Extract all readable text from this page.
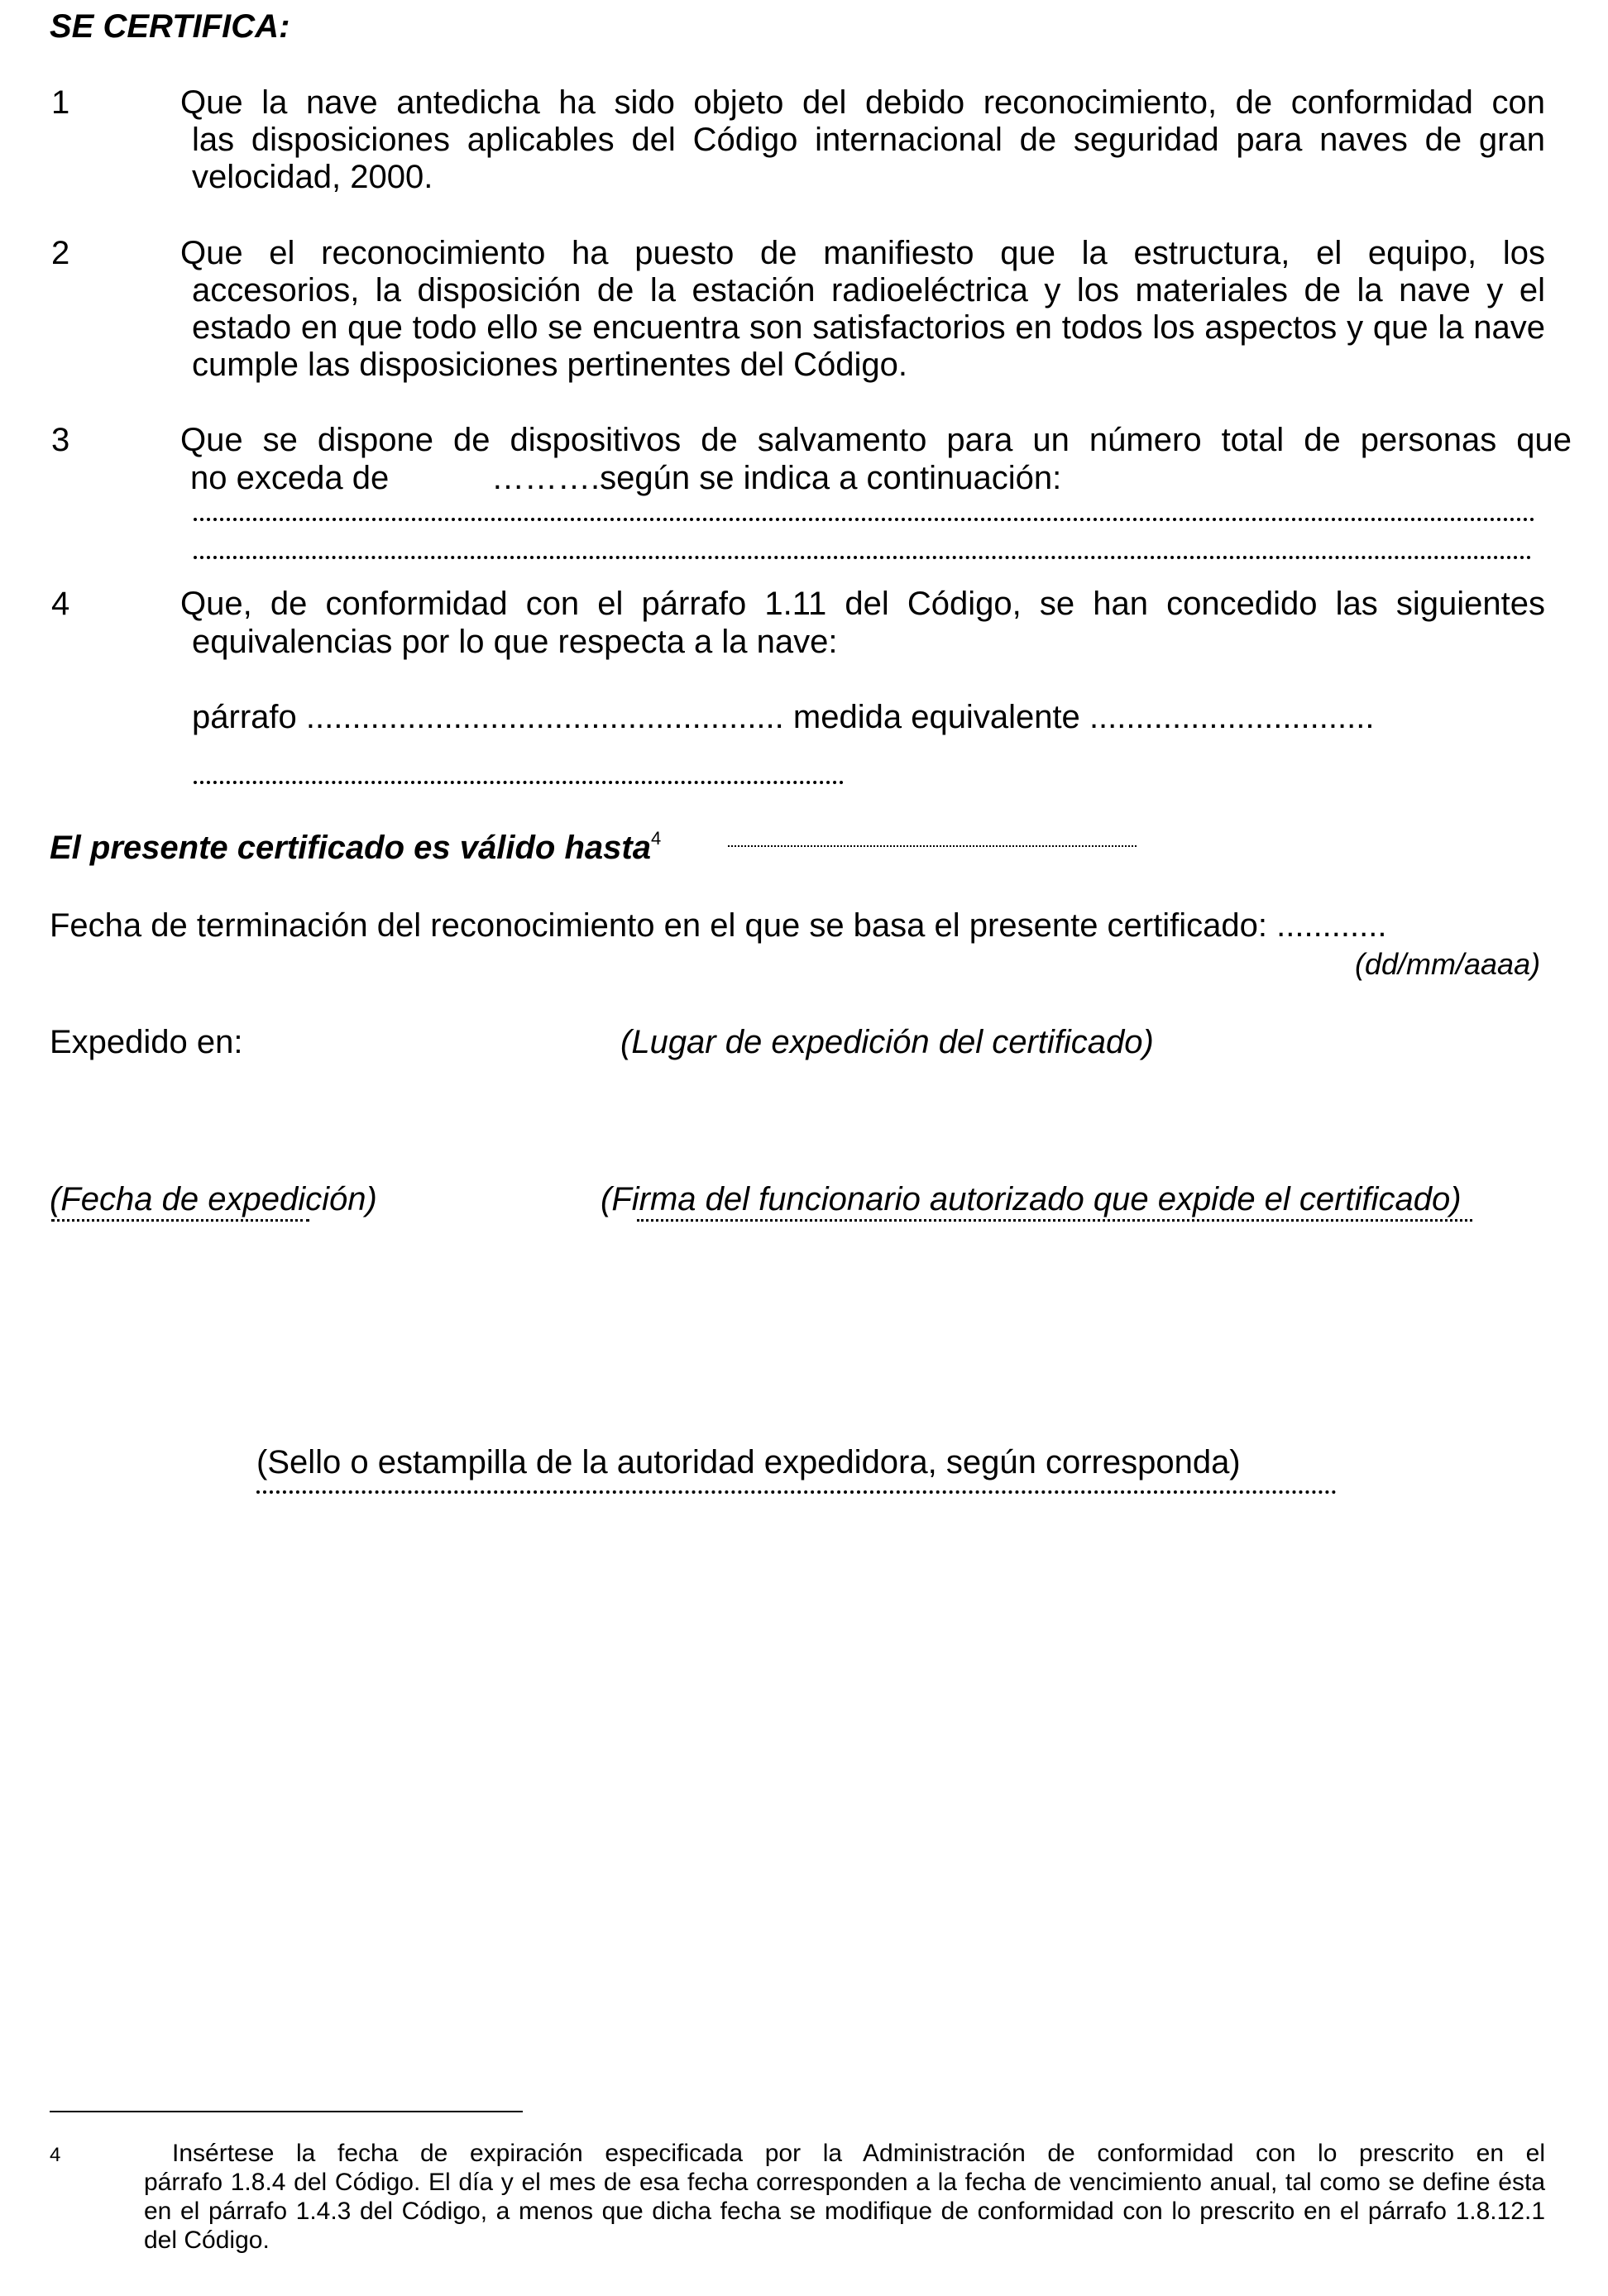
SE CERTIFICA:
1	Que la nave antedicha ha sido objeto del debido reconocimiento, de conformidad con
las disposiciones aplicables del Código internacional de seguridad para naves de gran velocidad, 2000.
2	Que el reconocimiento ha puesto de manifiesto que la estructura, el equipo, los
accesorios, la disposición de la estación radioeléctrica y los materiales de la nave y el estado en que todo ello se encuentra son satisfactorios en todos los aspectos y que la nave cumple las disposiciones pertinentes del Código.
3	Que se dispone de dispositivos de salvamento para un número total de personas que
no exceda de	……….según se indica a continuación:
4	Que, de conformidad con el párrafo 1.11 del Código, se han concedido las siguientes
equivalencias por lo que respecta a la nave:
párrafo .................................................... medida equivalente ...............................
El presente certificado es válido hasta$^4$
Fecha de terminación del reconocimiento en el que se basa el presente certificado: ............
(dd/mm/aaaa)
Expedido en:	(Lugar de expedición del certificado)
(Fecha de expedición)	(Firma del funcionario autorizado que expide el certificado)
(Sello o estampilla de la autoridad expedidora, según corresponda)
4	Insértese la fecha de expiración especificada por la Administración de conformidad con lo prescrito en el
párrafo 1.8.4 del Código. El día y el mes de esa fecha corresponden a la fecha de vencimiento anual, tal como se define ésta en el párrafo 1.4.3 del Código, a menos que dicha fecha se modifique de conformidad con lo prescrito en el párrafo 1.8.12.1 del Código.
